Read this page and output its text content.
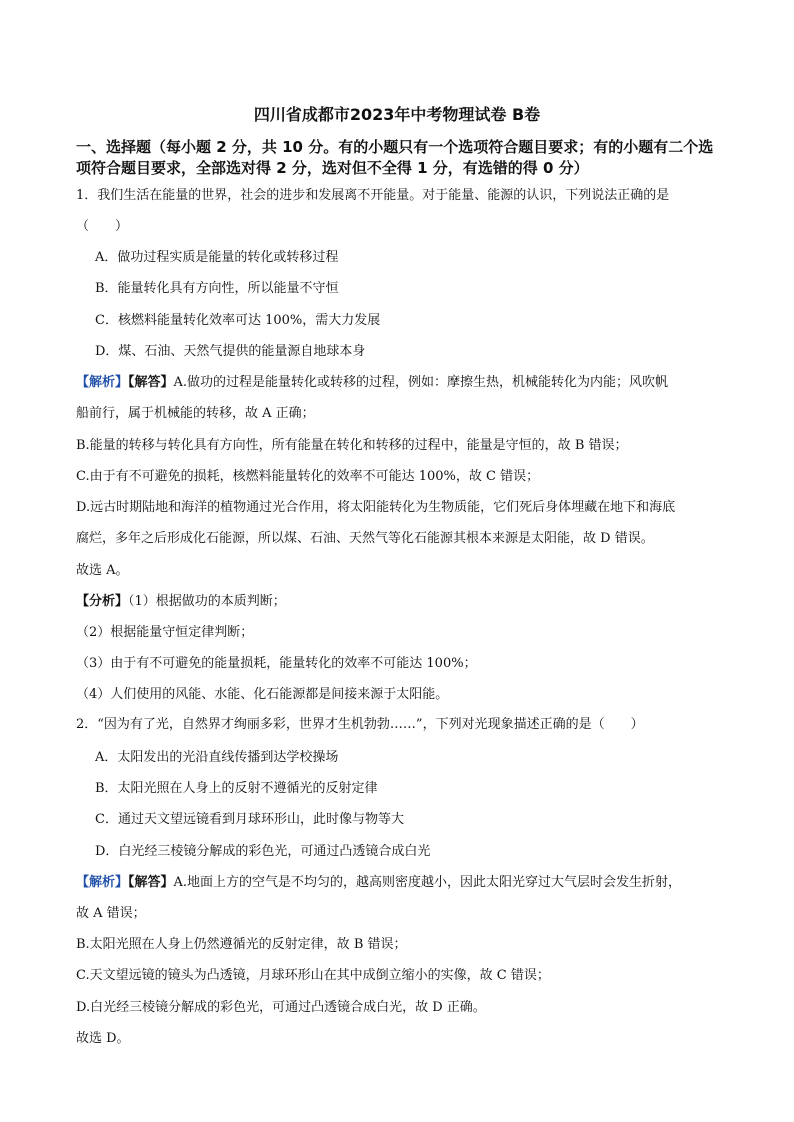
四川省成都市2023年中考物理试卷 B卷
一、选择题（每小题 2 分，共 10 分。有的小题只有一个选项符合题目要求；有的小题有二个选
项符合题目要求，全部选对得 2 分，选对但不全得 1 分，有选错的得 0 分）
1．我们生活在能量的世界，社会的进步和发展离不开能量。对于能量、能源的认识，下列说法正确的是
（　　）
A．做功过程实质是能量的转化或转移过程
B．能量转化具有方向性，所以能量不守恒
C．核燃料能量转化效率可达 100%，需大力发展
D．煤、石油、天然气提供的能量源自地球本身
【解析】【解答】A.做功的过程是能量转化或转移的过程，例如：摩擦生热，机械能转化为内能；风吹帆
船前行，属于机械能的转移，故 A 正确；
B.能量的转移与转化具有方向性，所有能量在转化和转移的过程中，能量是守恒的，故 B 错误；
C.由于有不可避免的损耗，核燃料能量转化的效率不可能达 100%，故 C 错误；
D.远古时期陆地和海洋的植物通过光合作用，将太阳能转化为生物质能，它们死后身体埋藏在地下和海底
腐烂，多年之后形成化石能源，所以煤、石油、天然气等化石能源其根本来源是太阳能，故 D 错误。
故选 A。
【分析】（1）根据做功的本质判断；
（2）根据能量守恒定律判断；
（3）由于有不可避免的能量损耗，能量转化的效率不可能达 100%；
（4）人们使用的风能、水能、化石能源都是间接来源于太阳能。
2．“因为有了光，自然界才绚丽多彩，世界才生机勃勃……”，下列对光现象描述正确的是（　　）
A．太阳发出的光沿直线传播到达学校操场
B．太阳光照在人身上的反射不遵循光的反射定律
C．通过天文望远镜看到月球环形山，此时像与物等大
D．白光经三棱镜分解成的彩色光，可通过凸透镜合成白光
【解析】【解答】A.地面上方的空气是不均匀的，越高则密度越小，因此太阳光穿过大气层时会发生折射，
故 A 错误；
B.太阳光照在人身上仍然遵循光的反射定律，故 B 错误；
C.天文望远镜的镜头为凸透镜，月球环形山在其中成倒立缩小的实像，故 C 错误；
D.白光经三棱镜分解成的彩色光，可通过凸透镜合成白光，故 D 正确。
故选 D。
